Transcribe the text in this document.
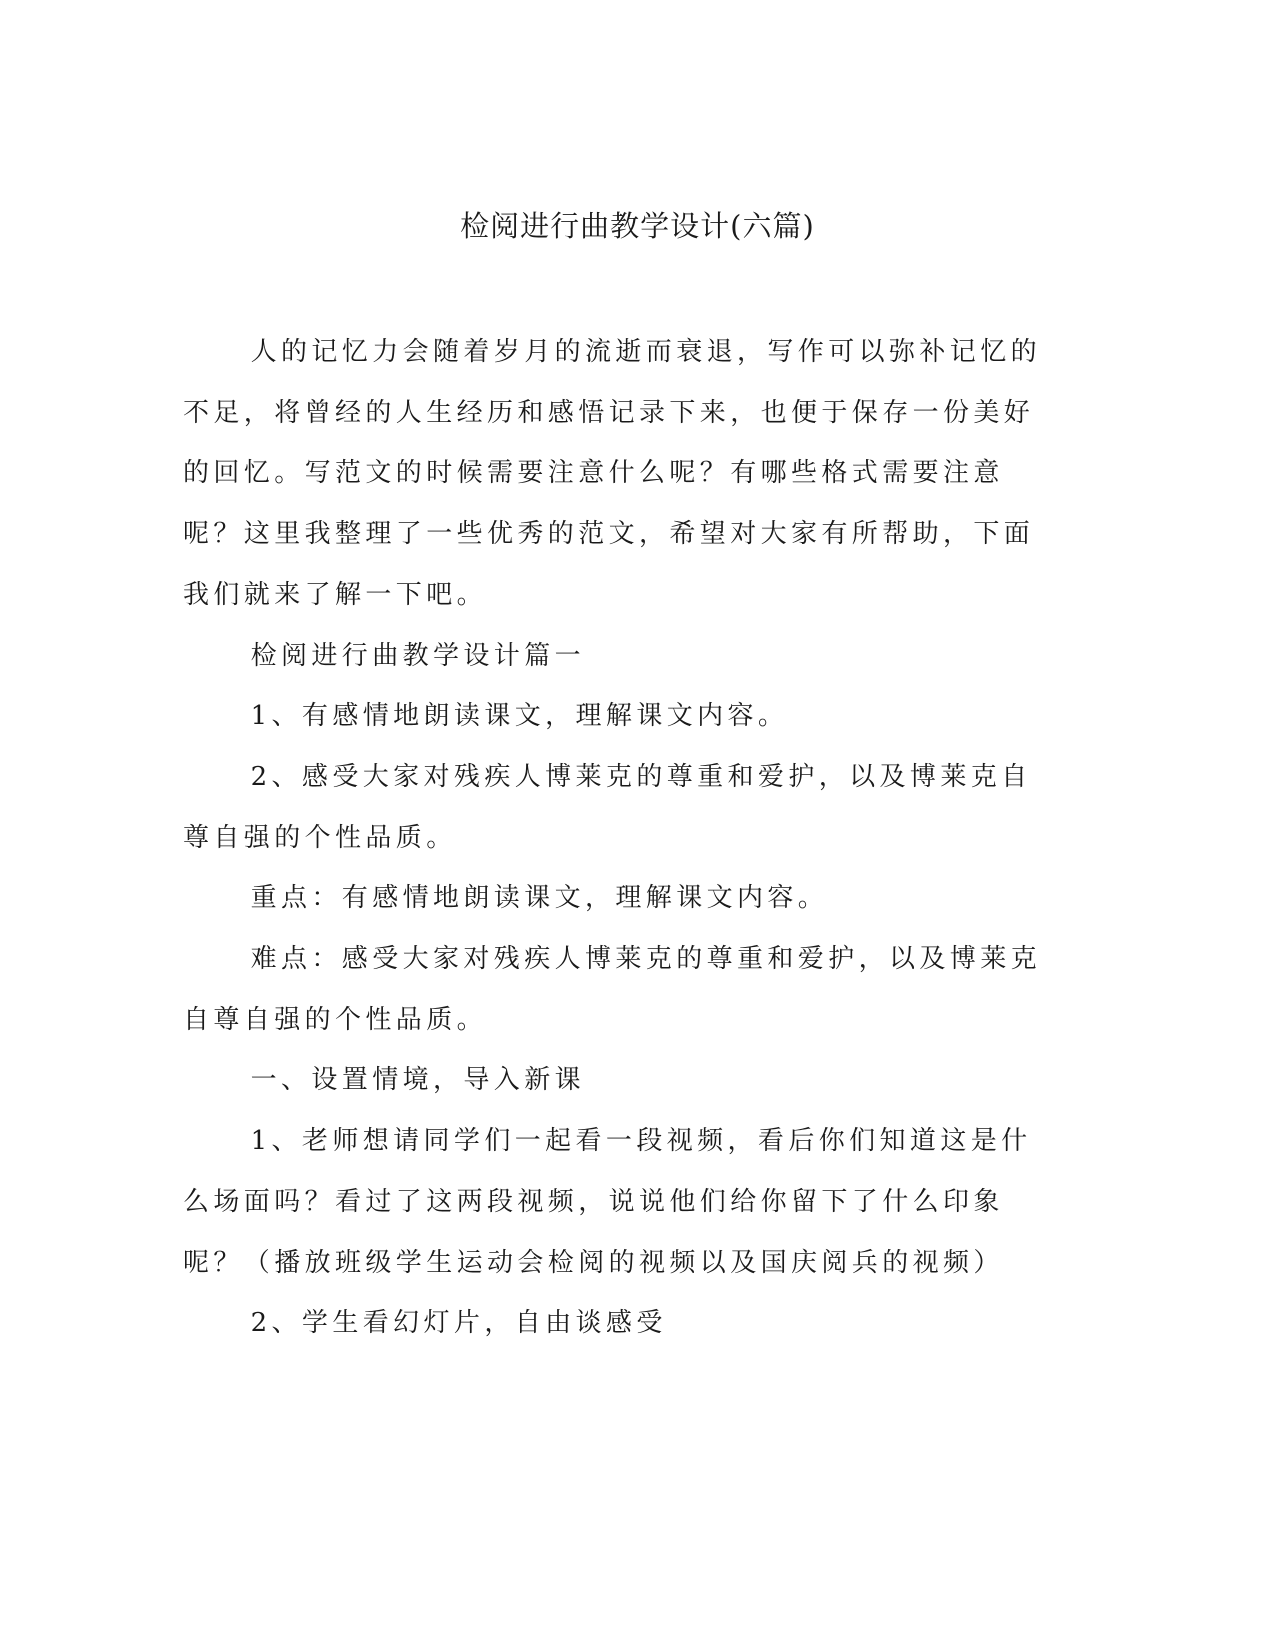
检阅进行曲教学设计(六篇)

人的记忆力会随着岁月的流逝而衰退，写作可以弥补记忆的不足，将曾经的人生经历和感悟记录下来，也便于保存一份美好的回忆。写范文的时候需要注意什么呢？有哪些格式需要注意呢？这里我整理了一些优秀的范文，希望对大家有所帮助，下面我们就来了解一下吧。

检阅进行曲教学设计篇一

1、有感情地朗读课文，理解课文内容。

2、感受大家对残疾人博莱克的尊重和爱护，以及博莱克自尊自强的个性品质。

重点：有感情地朗读课文，理解课文内容。

难点：感受大家对残疾人博莱克的尊重和爱护，以及博莱克自尊自强的个性品质。

一、设置情境，导入新课

1、老师想请同学们一起看一段视频，看后你们知道这是什么场面吗？看过了这两段视频，说说他们给你留下了什么印象呢？（播放班级学生运动会检阅的视频以及国庆阅兵的视频）

2、学生看幻灯片，自由谈感受
